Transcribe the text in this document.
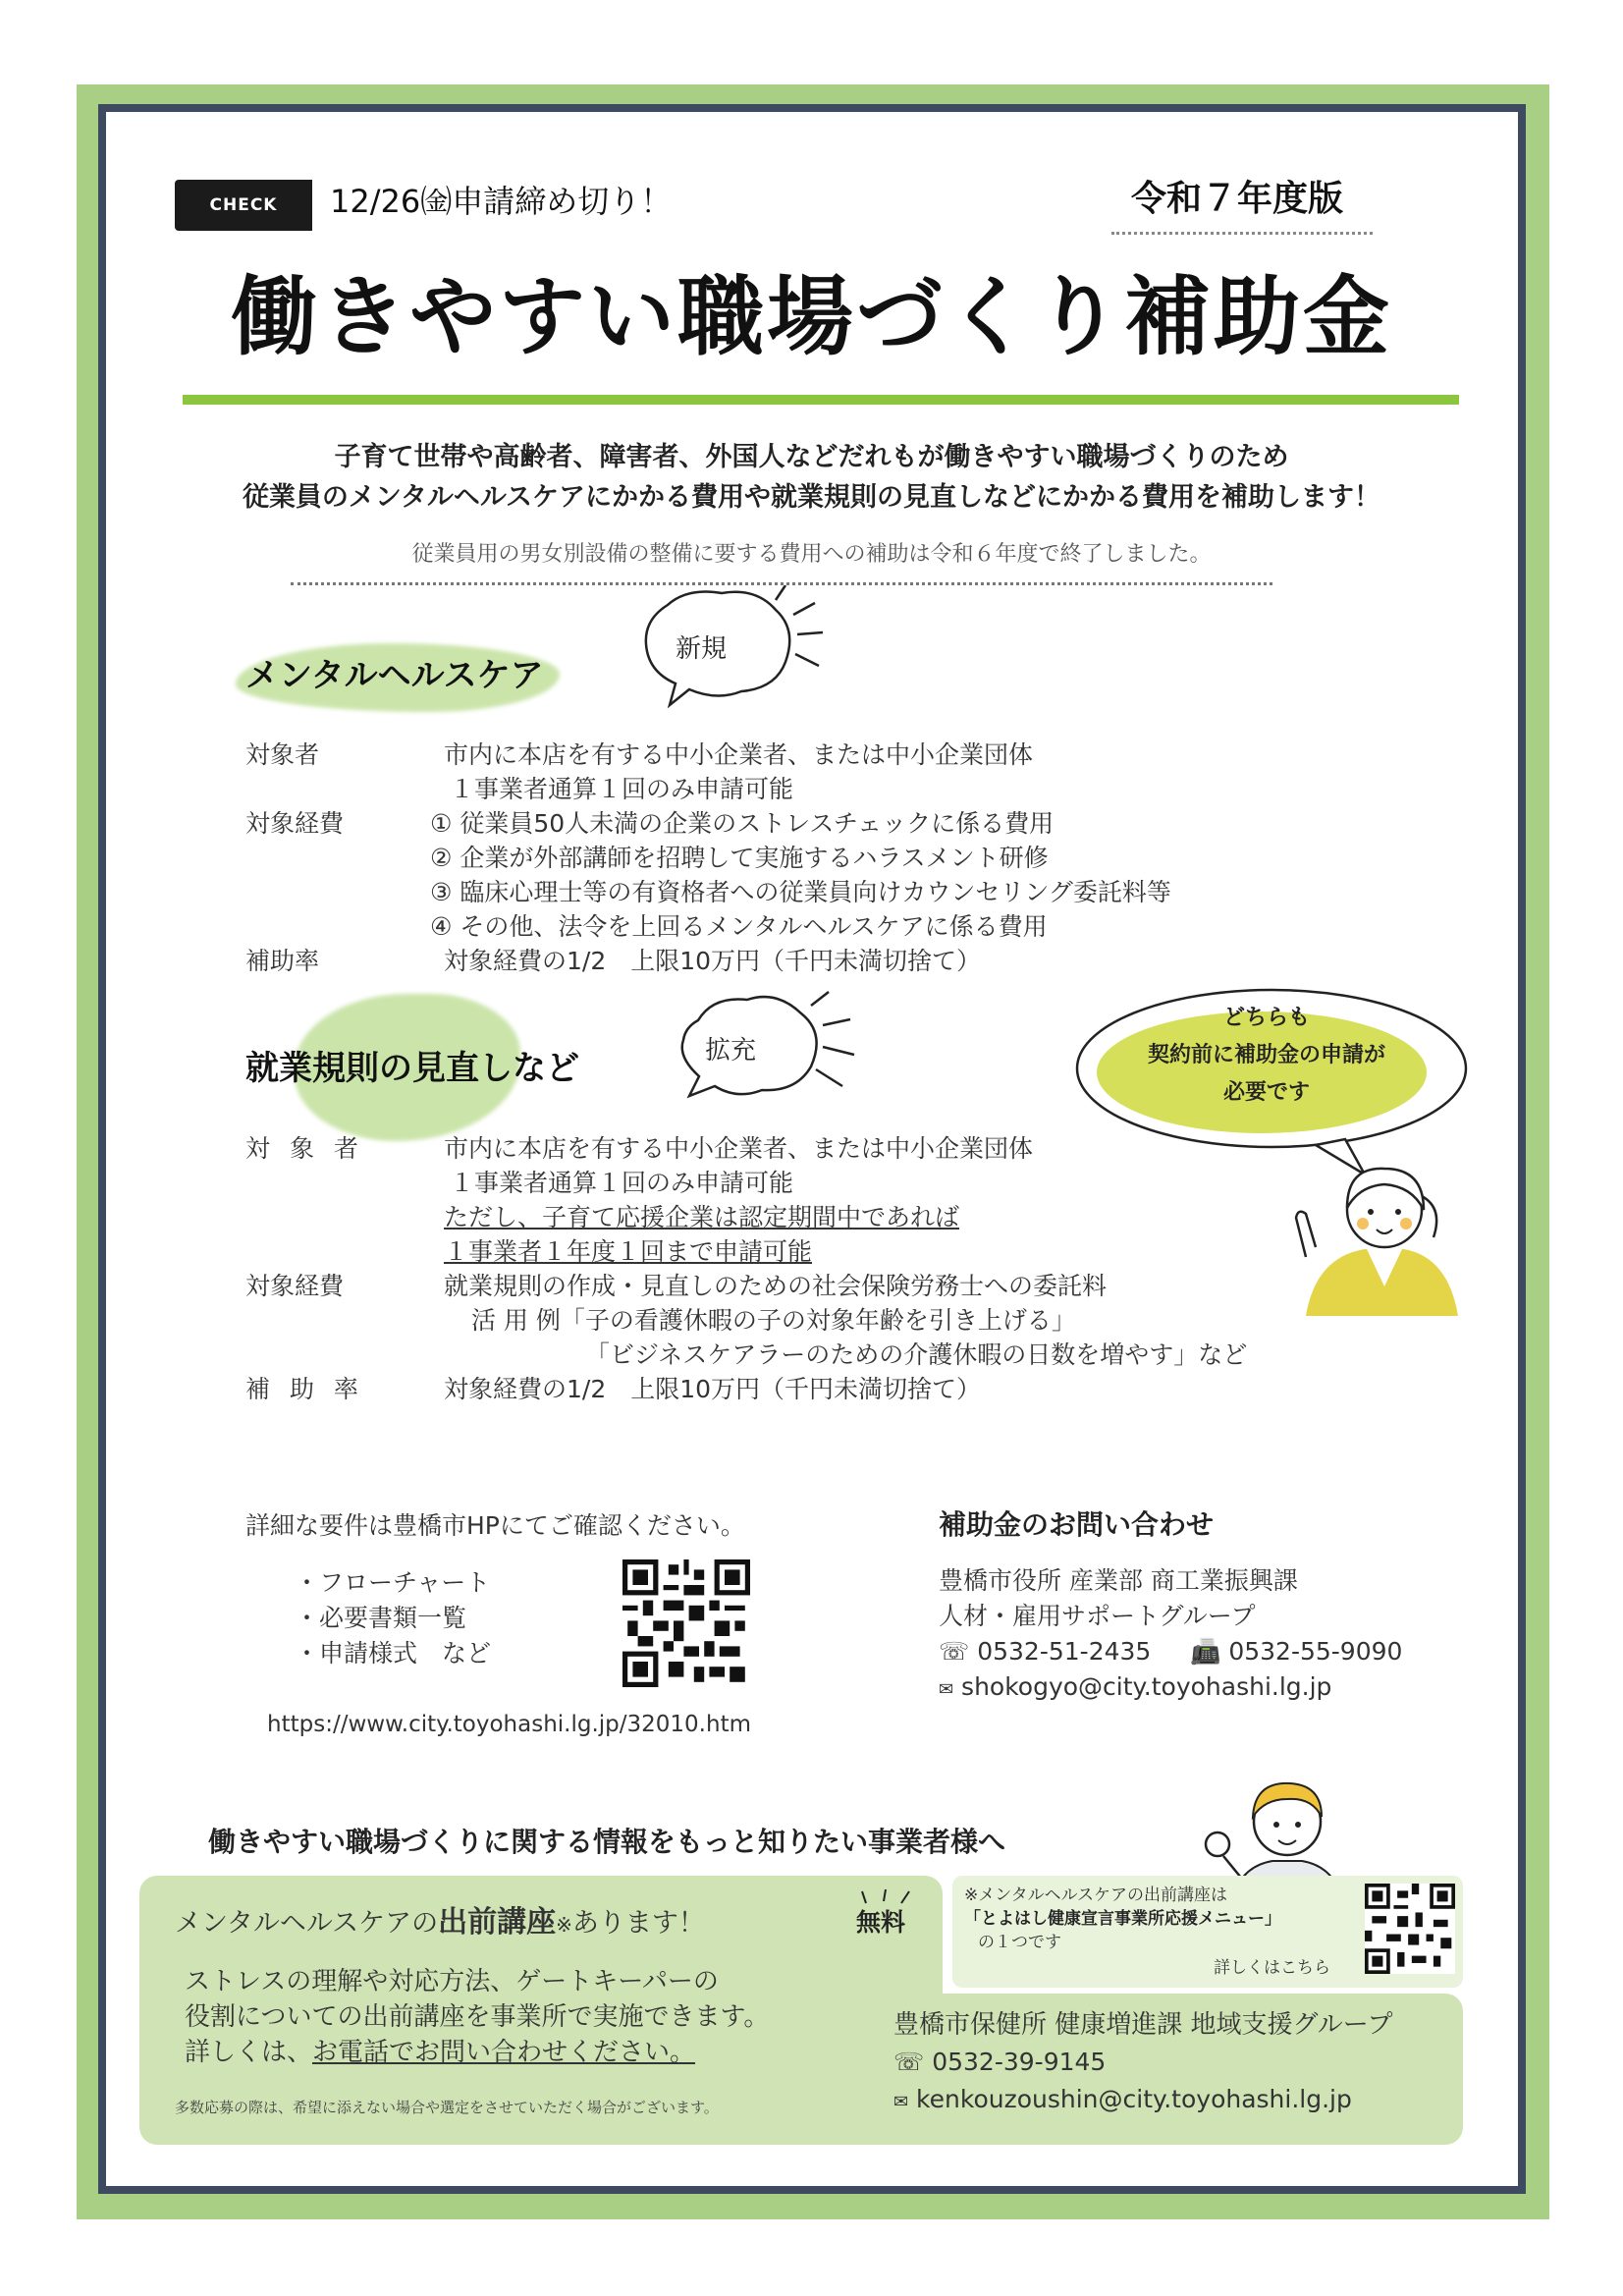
CHECK	12/26㈮申請締め切り！	令和７年度版
働きやすい職場づくり補助金
子育て世帯や高齢者、障害者、外国人などだれもが働きやすい職場づくりのため
従業員のメンタルヘルスケアにかかる費用や就業規則の見直しなどにかかる費用を補助します！
従業員用の男女別設備の整備に要する費用への補助は令和６年度で終了しました。
メンタルヘルスケア
新規
対象者	市内に本店を有する中小企業者、または中小企業団体
１事業者通算１回のみ申請可能
対象経費	① 従業員50人未満の企業のストレスチェックに係る費用
② 企業が外部講師を招聘して実施するハラスメント研修
③ 臨床心理士等の有資格者への従業員向けカウンセリング委託料等
④ その他、法令を上回るメンタルヘルスケアに係る費用
補助率	対象経費の1/2　上限10万円（千円未満切捨て）
就業規則の見直しなど	拡充
どちらも
契約前に補助金の申請が
必要です
対 象 者	市内に本店を有する中小企業者、または中小企業団体
１事業者通算１回のみ申請可能
ただし、子育て応援企業は認定期間中であれば
１事業者１年度１回まで申請可能
対象経費	就業規則の作成・見直しのための社会保険労務士への委託料
活 用 例「子の看護休暇の子の対象年齢を引き上げる」
「ビジネスケアラーのための介護休暇の日数を増やす」など
補 助 率	対象経費の1/2　上限10万円（千円未満切捨て）
詳細な要件は豊橋市HPにてご確認ください。
・フローチャート
・必要書類一覧
・申請様式　など
https://www.city.toyohashi.lg.jp/32010.htm
補助金のお問い合わせ
豊橋市役所 産業部 商工業振興課
人材・雇用サポートグループ
☏ 0532-51-2435 📠 0532-55-9090
✉ shokogyo@city.toyohashi.lg.jp
働きやすい職場づくりに関する情報をもっと知りたい事業者様へ
メンタルヘルスケアの出前講座※あります！	無料
ストレスの理解や対応方法、ゲートキーパーの
役割についての出前講座を事業所で実施できます。
詳しくは、お電話でお問い合わせください。
多数応募の際は、希望に添えない場合や選定をさせていただく場合がございます。
※メンタルヘルスケアの出前講座は
「とよはし健康宣言事業所応援メニュー」
の１つです
詳しくはこちら
豊橋市保健所 健康増進課 地域支援グループ
☏ 0532-39-9145
✉ kenkouzoushin@city.toyohashi.lg.jp
